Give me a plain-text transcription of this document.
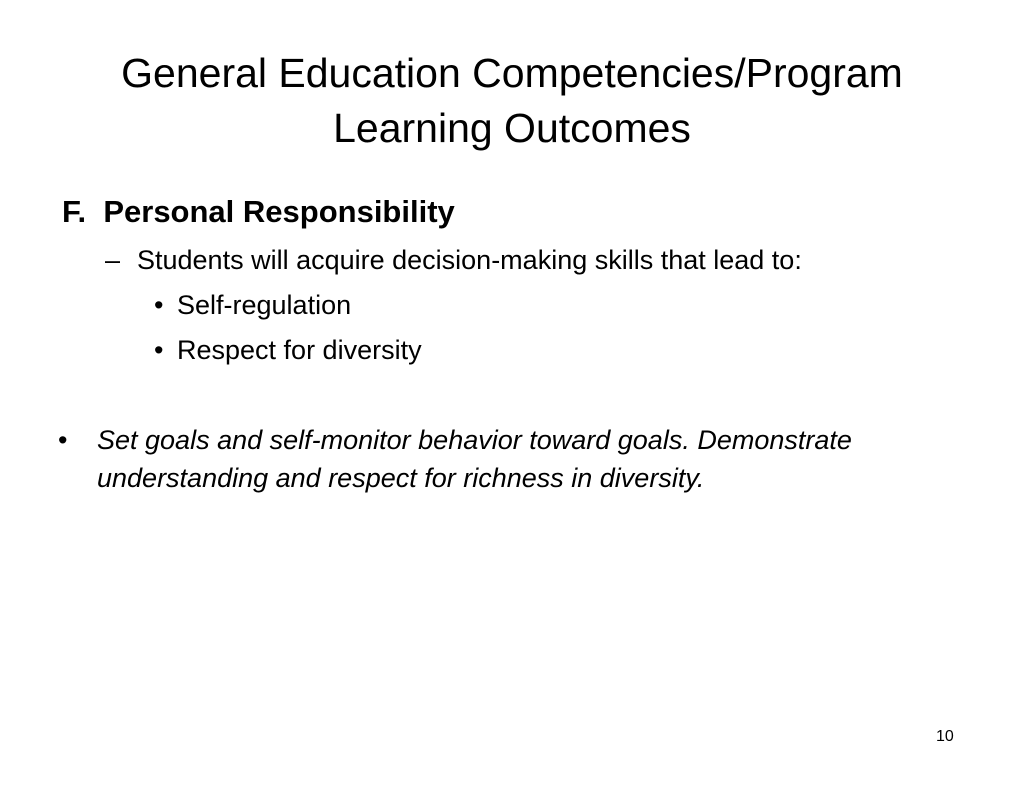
General Education Competencies/Program
Learning Outcomes
F.  Personal Responsibility
– Students will acquire decision-making skills that lead to:
• Self-regulation
• Respect for diversity
• Set goals and self-monitor behavior toward goals. Demonstrate understanding and respect for richness in diversity.
10
